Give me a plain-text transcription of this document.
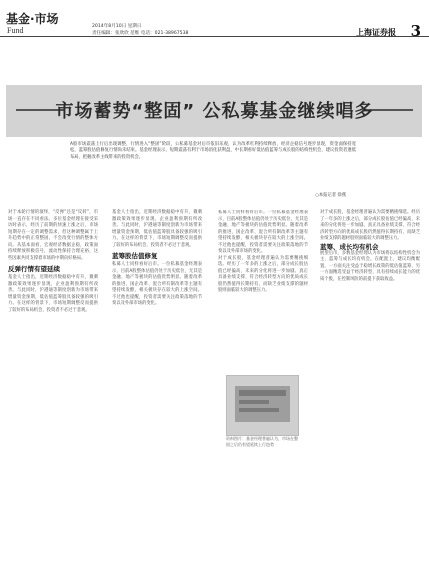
基金·市场
Fund	2014年8月10日 星期日
责任编辑：张欣欣 范维 电话：021-38967538	上海证券报 3
市场蓄势“整固” 公私募基金继续唱多
A股市场震荡上行后出现调整，行情进入“整固”阶段，公私募基金对后市依旧乐观，认为改革红利持续释放，经济企稳信号逐步显现，资金面保持宽松，蓝筹股估值修复行情尚未结束。基金经理表示，短期震荡有利于市场消化获利盘，中长期看好低估值蓝筹与成长股的结构性机会，建议投资者逢低布局，把握改革主线带来的投资机会。
○本报记者 徐燕
对于本轮行情的演绎，“反弹”还是“反转”，市场一直存在不同看法。多位基金经理在接受采访时表示，经历了前期的快速上涨之后，市场短期存在一定的调整需求，但这种调整属于上升趋势中的正常整固，不会改变行情的整体方向。从基本面看，宏观经济数据企稳，政策面持续释放积极信号，流动性保持合理充裕，这些因素共同支撑着市场的中期向好格局。
反弹行情有望延续
基金人士指出，近期经济数据稳中有升，微刺激政策效果逐步显现，企业盈利预期有所改善。与此同时，沪港通等制度创新为市场带来增量资金预期，低估值蓝筹股具备较强的吸引力。在这样的背景下，市场短期调整反而提供了较好的布局机会，投资者不必过于悲观。
基金人士指出，近期经济数据稳中有升，微刺激政策效果逐步显现，企业盈利预期有所改善。与此同时，沪港通等制度创新为市场带来增量资金预期，低估值蓝筹股具备较强的吸引力。在这样的背景下，市场短期调整反而提供了较好的布局机会，投资者不必过于悲观。
蓝筹股估值修复
私募人士同样看好后市。一位私募基金经理表示，目前A股整体估值仍处于历史低位，尤其是金融、地产等板块的估值优势明显。随着改革的推进，国企改革、混合所有制改革等主题有望持续发酵，相关板块存在较大的上涨空间。不过他也提醒，投资者需要关注政策落地的节奏以及外部市场的变化。
私募人士同样看好后市。一位私募基金经理表示，目前A股整体估值仍处于历史低位，尤其是金融、地产等板块的估值优势明显。随着改革的推进，国企改革、混合所有制改革等主题有望持续发酵，相关板块存在较大的上涨空间。不过他也提醒，投资者需要关注政策落地的节奏以及外部市场的变化。
对于成长股，基金经理普遍认为需要精挑细选。经历了一年多的上涨之后，部分成长股估值已经偏高，未来的分化将进一步加剧。真正具备业绩支撑、符合经济转型方向的优质成长股仍然值得长期持有，而缺乏业绩支撑的题材股则面临较大的调整压力。
资料图片：基金经理普遍认为，市场在整固之后仍有望延续上行趋势
对于成长股，基金经理普遍认为需要精挑细选。经历了一年多的上涨之后，部分成长股估值已经偏高，未来的分化将进一步加剧。真正具备业绩支撑、符合经济转型方向的优质成长股仍然值得长期持有，而缺乏业绩支撑的题材股则面临较大的调整压力。
蓝筹、成长均有机会
展望后市，多数基金经理认为市场将以结构性机会为主，蓝筹与成长均有机会。在配置上，建议均衡配置，一方面关注受益于稳增长政策的低估值蓝筹，另一方面精选受益于经济转型、具有持续成长能力的优质个股，在控制风险的前提下获取收益。
